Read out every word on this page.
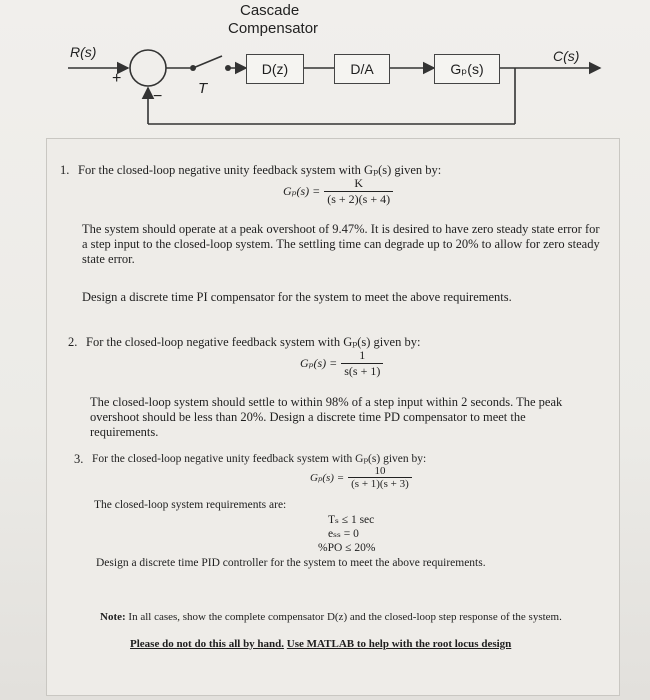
Cascade
Compensator
R(s)	C(s)
+
− T
D(z)	D/A	Gₚ(s)
1. For the closed-loop negative unity feedback system with Gₚ(s) given by:
$G_p(s) = \frac{K}{(s + 2)(s + 4)}$
The system should operate at a peak overshoot of 9.47%. It is desired to have zero steady state error for a step input to the closed-loop system. The settling time can degrade up to 20% to allow for zero steady state error.
Design a discrete time PI compensator for the system to meet the above requirements.
2. For the closed-loop negative feedback system with Gₚ(s) given by:
$G_p(s) = \frac{1}{s(s + 1)}$
The closed-loop system should settle to within 98% of a step input within 2 seconds. The peak overshoot should be less than 20%. Design a discrete time PD compensator to meet the requirements.
3. For the closed-loop negative unity feedback system with Gₚ(s) given by:
$G_p(s) = \frac{10}{(s + 1)(s + 3)}$
The closed-loop system requirements are:
Tₛ ≤ 1 sec
eₛₛ = 0
%PO ≤ 20%
Design a discrete time PID controller for the system to meet the above requirements.
Note: In all cases, show the complete compensator D(z) and the closed-loop step response of the system.
Please do not do this all by hand. Use MATLAB to help with the root locus design
